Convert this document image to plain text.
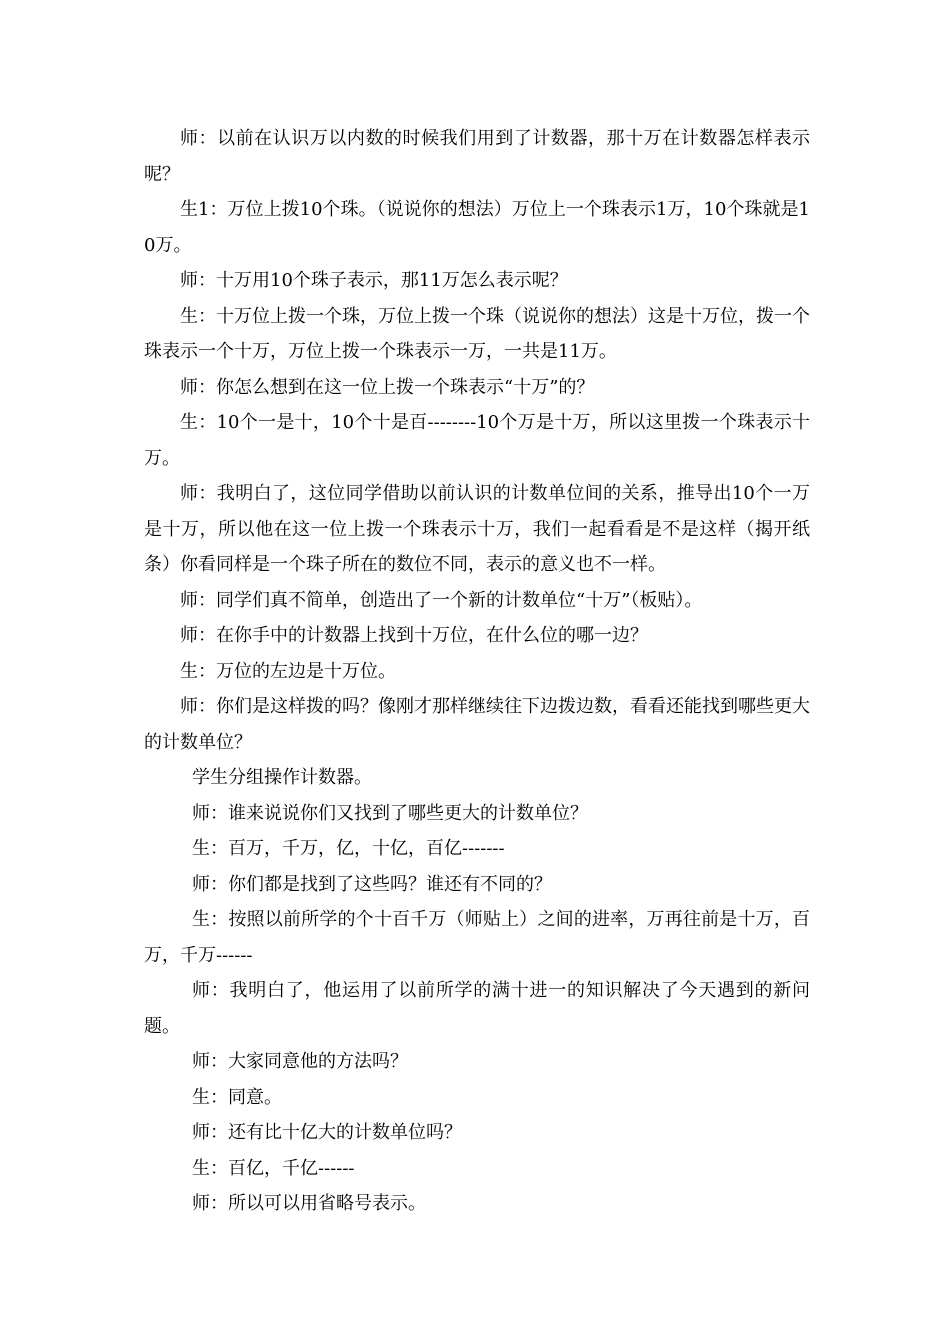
师：以前在认识万以内数的时候我们用到了计数器，那十万在计数器怎样表示呢？

生1：万位上拨10个珠。（说说你的想法）万位上一个珠表示1万，10个珠就是10万。

师：十万用10个珠子表示，那11万怎么表示呢？

生：十万位上拨一个珠，万位上拨一个珠（说说你的想法）这是十万位，拨一个珠表示一个十万，万位上拨一个珠表示一万，一共是11万。

师：你怎么想到在这一位上拨一个珠表示“十万”的？

生：10个一是十，10个十是百--------10个万是十万，所以这里拨一个珠表示十万。

师：我明白了，这位同学借助以前认识的计数单位间的关系，推导出10个一万是十万，所以他在这一位上拨一个珠表示十万，我们一起看看是不是这样（揭开纸条）你看同样是一个珠子所在的数位不同，表示的意义也不一样。

师：同学们真不简单，创造出了一个新的计数单位“十万”（板贴）。

师：在你手中的计数器上找到十万位，在什么位的哪一边？

生：万位的左边是十万位。

师：你们是这样拨的吗？像刚才那样继续往下边拨边数，看看还能找到哪些更大的计数单位？

学生分组操作计数器。

师：谁来说说你们又找到了哪些更大的计数单位？

生：百万，千万，亿，十亿，百亿-------

师：你们都是找到了这些吗？谁还有不同的？

生：按照以前所学的个十百千万（师贴上）之间的进率，万再往前是十万，百万，千万------

师：我明白了，他运用了以前所学的满十进一的知识解决了今天遇到的新问题。

师：大家同意他的方法吗？

生：同意。

师：还有比十亿大的计数单位吗？

生：百亿，千亿------

师：所以可以用省略号表示。
